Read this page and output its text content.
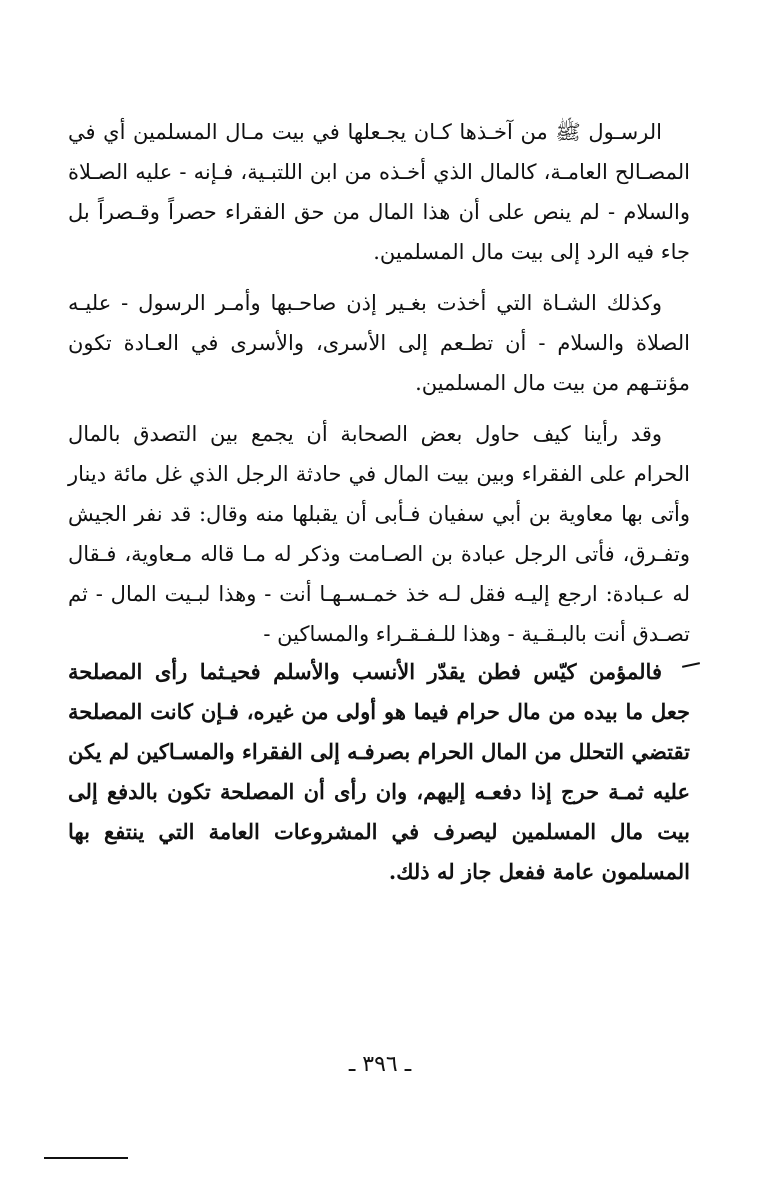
الرسـول ﷺ من آخـذها كـان يجـعلها في بيت مـال المسلمين أي في المصـالح العامـة، كالمال الذي أخـذه من ابن اللتبـية، فـإنه - عليه الصـلاة والسلام - لم ينص على أن هذا المال من حق الفقراء حصراً وقـصراً بل جاء فيه الرد إلى بيت مال المسلمين.

وكذلك الشـاة التي أخذت بغـير إذن صاحـبها وأمـر الرسول - عليـه الصلاة والسلام - أن تطـعم إلى الأسرى، والأسرى في العـادة تكون مؤنتـهم من بيت مال المسلمين.

وقد رأينا كيف حاول بعض الصحابة أن يجمع بين التصدق بالمال الحرام على الفقراء وبين بيت المال في حادثة الرجل الذي غل مائة دينار وأتى بها معاوية بن أبي سفيان فـأبى أن يقبلها منه وقال: قد نفر الجيش وتفـرق، فأتى الرجل عبادة بن الصـامت وذكر له مـا قاله مـعاوية، فـقال له عـبادة: ارجع إليـه فقل لـه خذ خمـسـهـا أنت - وهذا لبـيت المال - ثم تصـدق أنت بالبـقـية - وهذا للـفـقـراء والمساكين -

فالمؤمن كيّس فطن يقدّر الأنسب والأسلم فحيـثما رأى المصلحة جعل ما بيده من مال حرام فيما هو أولى من غيره، فـإن كانت المصلحة تقتضي التحلل من المال الحرام بصرفـه إلى الفقراء والمسـاكين لم يكن عليه ثمـة حرج إذا دفعـه إليهم، وان رأى أن المصلحة تكون بالدفع إلى بيت مال المسلمين ليصرف في المشروعات العامة التي ينتفع بها المسلمون عامة ففعل جاز له ذلك.

ـ ٣٩٦ ـ
